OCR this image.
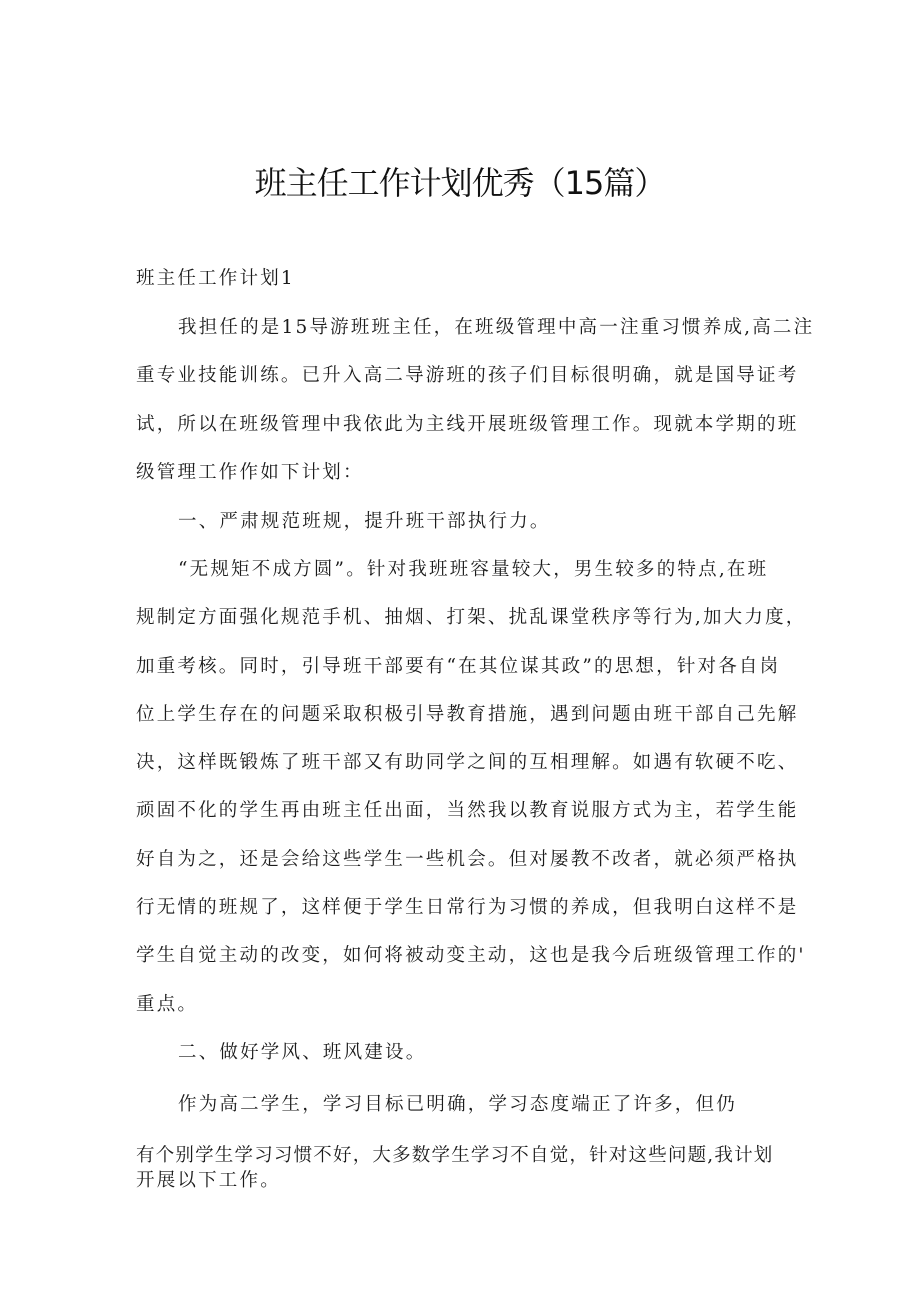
班主任工作计划优秀（15篇）

班主任工作计划1

我担任的是15导游班班主任，在班级管理中高一注重习惯养成,高二注

重专业技能训练。已升入高二导游班的孩子们目标很明确，就是国导证考

试，所以在班级管理中我依此为主线开展班级管理工作。现就本学期的班

级管理工作作如下计划：

一、严肃规范班规，提升班干部执行力。

“无规矩不成方圆”。针对我班班容量较大，男生较多的特点,在班

规制定方面强化规范手机、抽烟、打架、扰乱课堂秩序等行为,加大力度，

加重考核。同时，引导班干部要有“在其位谋其政”的思想，针对各自岗

位上学生存在的问题采取积极引导教育措施，遇到问题由班干部自己先解

决，这样既锻炼了班干部又有助同学之间的互相理解。如遇有软硬不吃、

顽固不化的学生再由班主任出面，当然我以教育说服方式为主，若学生能

好自为之，还是会给这些学生一些机会。但对屡教不改者，就必须严格执

行无情的班规了，这样便于学生日常行为习惯的养成，但我明白这样不是

学生自觉主动的改变，如何将被动变主动，这也是我今后班级管理工作的'

重点。

二、做好学风、班风建设。

作为高二学生，学习目标已明确，学习态度端正了许多，但仍

有个别学生学习习惯不好，大多数学生学习不自觉，针对这些问题,我计划

开展以下工作。
